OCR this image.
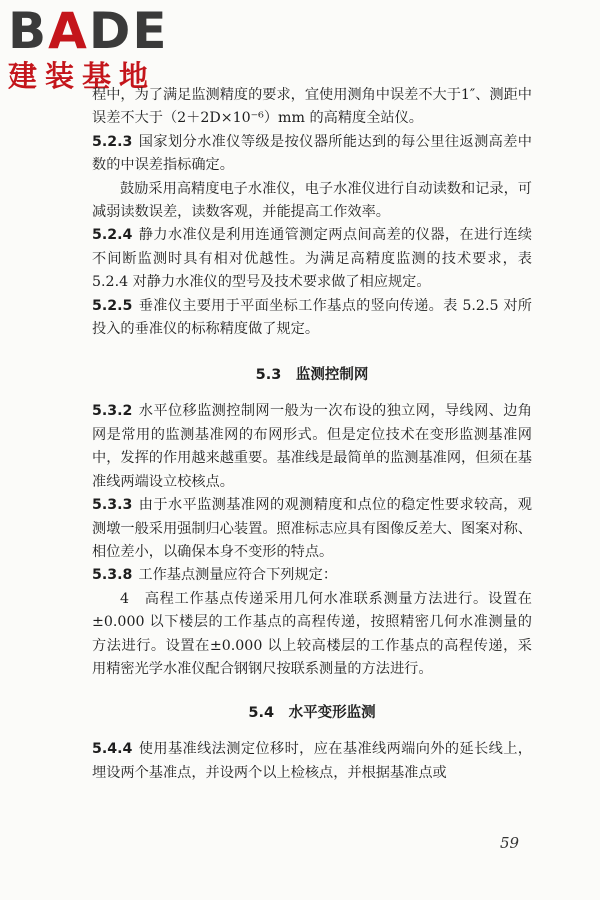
BADE
建装基地

程中，为了满足监测精度的要求，宜使用测角中误差不大于1″、测距中误差不大于（2＋2D×10⁻⁶）mm 的高精度全站仪。

5.2.3 国家划分水准仪等级是按仪器所能达到的每公里往返测高差中数的中误差指标确定。

鼓励采用高精度电子水准仪，电子水准仪进行自动读数和记录，可减弱读数误差，读数客观，并能提高工作效率。

5.2.4 静力水准仪是利用连通管测定两点间高差的仪器，在进行连续不间断监测时具有相对优越性。为满足高精度监测的技术要求，表 5.2.4 对静力水准仪的型号及技术要求做了相应规定。

5.2.5 垂准仪主要用于平面坐标工作基点的竖向传递。表 5.2.5 对所投入的垂准仪的标称精度做了规定。

5.3　监测控制网

5.3.2 水平位移监测控制网一般为一次布设的独立网，导线网、边角网是常用的监测基准网的布网形式。但是定位技术在变形监测基准网中，发挥的作用越来越重要。基准线是最简单的监测基准网，但须在基准线两端设立校核点。

5.3.3 由于水平监测基准网的观测精度和点位的稳定性要求较高，观测墩一般采用强制归心装置。照准标志应具有图像反差大、图案对称、相位差小，以确保本身不变形的特点。

5.3.8 工作基点测量应符合下列规定：

4　高程工作基点传递采用几何水准联系测量方法进行。设置在±0.000 以下楼层的工作基点的高程传递，按照精密几何水准测量的方法进行。设置在±0.000 以上较高楼层的工作基点的高程传递，采用精密光学水准仪配合钢钢尺按联系测量的方法进行。

5.4　水平变形监测

5.4.4 使用基准线法测定位移时，应在基准线两端向外的延长线上，埋设两个基准点，并设两个以上检核点，并根据基准点或

59
